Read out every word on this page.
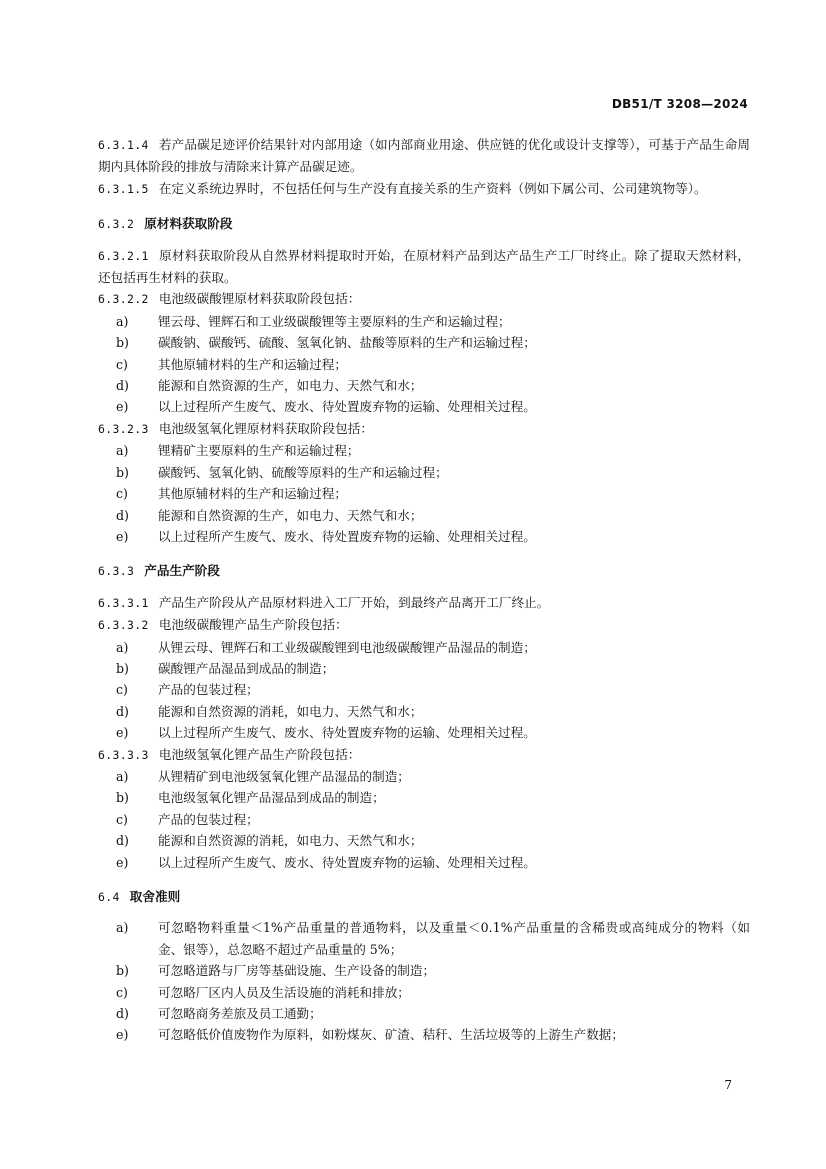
DB51/T 3208—2024
6.3.1.4 若产品碳足迹评价结果针对内部用途（如内部商业用途、供应链的优化或设计支撑等），可基于产品生命周期内具体阶段的排放与清除来计算产品碳足迹。
6.3.1.5 在定义系统边界时，不包括任何与生产没有直接关系的生产资料（例如下属公司、公司建筑物等）。
6.3.2 原材料获取阶段
6.3.2.1 原材料获取阶段从自然界材料提取时开始，在原材料产品到达产品生产工厂时终止。除了提取天然材料，还包括再生材料的获取。
6.3.2.2 电池级碳酸锂原材料获取阶段包括：
a)	锂云母、锂辉石和工业级碳酸锂等主要原料的生产和运输过程；
b)	碳酸钠、碳酸钙、硫酸、氢氧化钠、盐酸等原料的生产和运输过程；
c)	其他原辅材料的生产和运输过程；
d)	能源和自然资源的生产，如电力、天然气和水；
e)	以上过程所产生废气、废水、待处置废弃物的运输、处理相关过程。
6.3.2.3 电池级氢氧化锂原材料获取阶段包括：
a)	锂精矿主要原料的生产和运输过程；
b)	碳酸钙、氢氧化钠、硫酸等原料的生产和运输过程；
c)	其他原辅材料的生产和运输过程；
d)	能源和自然资源的生产，如电力、天然气和水；
e)	以上过程所产生废气、废水、待处置废弃物的运输、处理相关过程。
6.3.3 产品生产阶段
6.3.3.1 产品生产阶段从产品原材料进入工厂开始，到最终产品离开工厂终止。
6.3.3.2 电池级碳酸锂产品生产阶段包括：
a)	从锂云母、锂辉石和工业级碳酸锂到电池级碳酸锂产品湿品的制造；
b)	碳酸锂产品湿品到成品的制造；
c)	产品的包装过程；
d)	能源和自然资源的消耗，如电力、天然气和水；
e)	以上过程所产生废气、废水、待处置废弃物的运输、处理相关过程。
6.3.3.3 电池级氢氧化锂产品生产阶段包括：
a)	从锂精矿到电池级氢氧化锂产品湿品的制造；
b)	电池级氢氧化锂产品湿品到成品的制造；
c)	产品的包装过程；
d)	能源和自然资源的消耗，如电力、天然气和水；
e)	以上过程所产生废气、废水、待处置废弃物的运输、处理相关过程。
6.4 取舍准则
a)	可忽略物料重量＜1%产品重量的普通物料，以及重量＜0.1%产品重量的含稀贵或高纯成分的物料（如金、银等），总忽略不超过产品重量的 5%；
b)	可忽略道路与厂房等基础设施、生产设备的制造；
c)	可忽略厂区内人员及生活设施的消耗和排放；
d)	可忽略商务差旅及员工通勤；
e)	可忽略低价值废物作为原料，如粉煤灰、矿渣、秸秆、生活垃圾等的上游生产数据；
7
